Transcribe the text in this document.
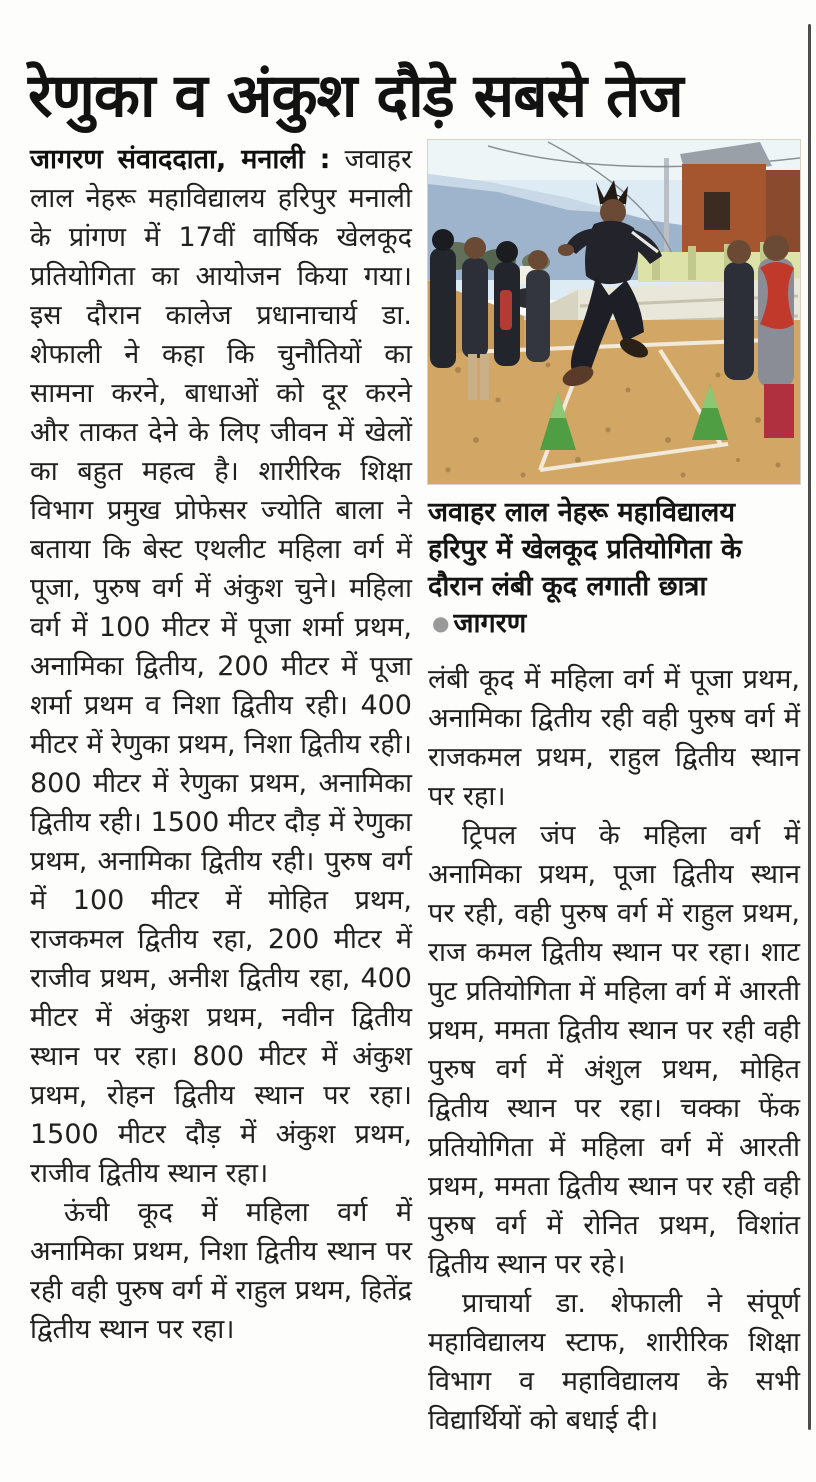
रेणुका व अंकुश दौड़े सबसे तेज

जागरण संवाददाता, मनाली : जवाहर लाल नेहरू महाविद्यालय हरिपुर मनाली के प्रांगण में 17वीं वार्षिक खेलकूद प्रतियोगिता का आयोजन किया गया। इस दौरान कालेज प्रधानाचार्य डा. शेफाली ने कहा कि चुनौतियों का सामना करने, बाधाओं को दूर करने और ताकत देने के लिए जीवन में खेलों का बहुत महत्व है। शारीरिक शिक्षा विभाग प्रमुख प्रोफेसर ज्योति बाला ने बताया कि बेस्ट एथलीट महिला वर्ग में पूजा, पुरुष वर्ग में अंकुश चुने। महिला वर्ग में 100 मीटर में पूजा शर्मा प्रथम, अनामिका द्वितीय, 200 मीटर में पूजा शर्मा प्रथम व निशा द्वितीय रही। 400 मीटर में रेणुका प्रथम, निशा द्वितीय रही। 800 मीटर में रेणुका प्रथम, अनामिका द्वितीय रही। 1500 मीटर दौड़ में रेणुका प्रथम, अनामिका द्वितीय रही। पुरुष वर्ग में 100 मीटर में मोहित प्रथम, राजकमल द्वितीय रहा, 200 मीटर में राजीव प्रथम, अनीश द्वितीय रहा, 400 मीटर में अंकुश प्रथम, नवीन द्वितीय स्थान पर रहा। 800 मीटर में अंकुश प्रथम, रोहन द्वितीय स्थान पर रहा। 1500 मीटर दौड़ में अंकुश प्रथम, राजीव द्वितीय स्थान रहा।

ऊंची कूद में महिला वर्ग में अनामिका प्रथम, निशा द्वितीय स्थान पर रही वही पुरुष वर्ग में राहुल प्रथम, हितेंद्र द्वितीय स्थान पर रहा।

जवाहर लाल नेहरू महाविद्यालय हरिपुर में खेलकूद प्रतियोगिता के दौरान लंबी कूद लगाती छात्रा ● जागरण

लंबी कूद में महिला वर्ग में पूजा प्रथम, अनामिका द्वितीय रही वही पुरुष वर्ग में राजकमल प्रथम, राहुल द्वितीय स्थान पर रहा।

ट्रिपल जंप के महिला वर्ग में अनामिका प्रथम, पूजा द्वितीय स्थान पर रही, वही पुरुष वर्ग में राहुल प्रथम, राज कमल द्वितीय स्थान पर रहा। शाट पुट प्रतियोगिता में महिला वर्ग में आरती प्रथम, ममता द्वितीय स्थान पर रही वही पुरुष वर्ग में अंशुल प्रथम, मोहित द्वितीय स्थान पर रहा। चक्का फेंक प्रतियोगिता में महिला वर्ग में आरती प्रथम, ममता द्वितीय स्थान पर रही वही पुरुष वर्ग में रोनित प्रथम, विशांत द्वितीय स्थान पर रहे।

प्राचार्या डा. शेफाली ने संपूर्ण महाविद्यालय स्टाफ, शारीरिक शिक्षा विभाग व महाविद्यालय के सभी विद्यार्थियों को बधाई दी।
